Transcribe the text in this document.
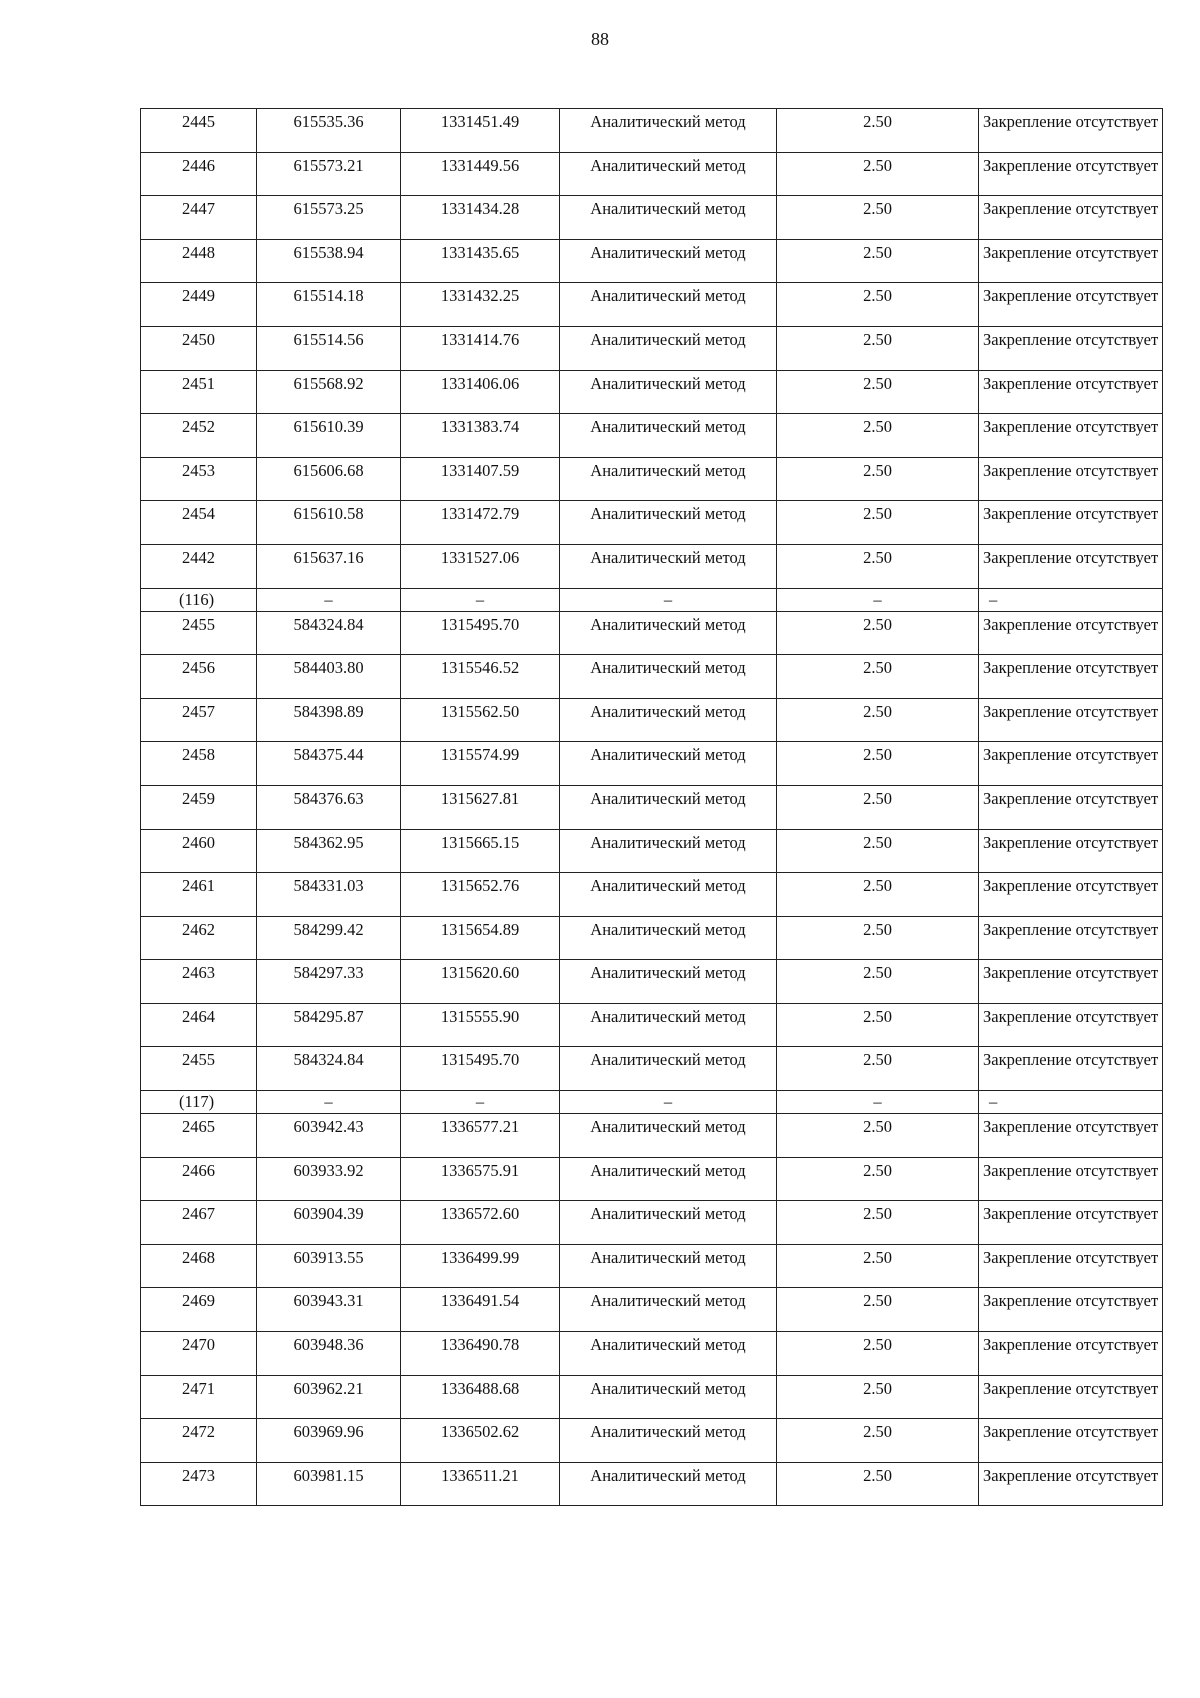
88
2445	615535.36	1331451.49	Аналитический метод	2.50	Закрепление отсутствует
2446	615573.21	1331449.56	Аналитический метод	2.50	Закрепление отсутствует
2447	615573.25	1331434.28	Аналитический метод	2.50	Закрепление отсутствует
2448	615538.94	1331435.65	Аналитический метод	2.50	Закрепление отсутствует
2449	615514.18	1331432.25	Аналитический метод	2.50	Закрепление отсутствует
2450	615514.56	1331414.76	Аналитический метод	2.50	Закрепление отсутствует
2451	615568.92	1331406.06	Аналитический метод	2.50	Закрепление отсутствует
2452	615610.39	1331383.74	Аналитический метод	2.50	Закрепление отсутствует
2453	615606.68	1331407.59	Аналитический метод	2.50	Закрепление отсутствует
2454	615610.58	1331472.79	Аналитический метод	2.50	Закрепление отсутствует
2442	615637.16	1331527.06	Аналитический метод	2.50	Закрепление отсутствует
(116)	–	–	–	–	–
2455	584324.84	1315495.70	Аналитический метод	2.50	Закрепление отсутствует
2456	584403.80	1315546.52	Аналитический метод	2.50	Закрепление отсутствует
2457	584398.89	1315562.50	Аналитический метод	2.50	Закрепление отсутствует
2458	584375.44	1315574.99	Аналитический метод	2.50	Закрепление отсутствует
2459	584376.63	1315627.81	Аналитический метод	2.50	Закрепление отсутствует
2460	584362.95	1315665.15	Аналитический метод	2.50	Закрепление отсутствует
2461	584331.03	1315652.76	Аналитический метод	2.50	Закрепление отсутствует
2462	584299.42	1315654.89	Аналитический метод	2.50	Закрепление отсутствует
2463	584297.33	1315620.60	Аналитический метод	2.50	Закрепление отсутствует
2464	584295.87	1315555.90	Аналитический метод	2.50	Закрепление отсутствует
2455	584324.84	1315495.70	Аналитический метод	2.50	Закрепление отсутствует
(117)	–	–	–	–	–
2465	603942.43	1336577.21	Аналитический метод	2.50	Закрепление отсутствует
2466	603933.92	1336575.91	Аналитический метод	2.50	Закрепление отсутствует
2467	603904.39	1336572.60	Аналитический метод	2.50	Закрепление отсутствует
2468	603913.55	1336499.99	Аналитический метод	2.50	Закрепление отсутствует
2469	603943.31	1336491.54	Аналитический метод	2.50	Закрепление отсутствует
2470	603948.36	1336490.78	Аналитический метод	2.50	Закрепление отсутствует
2471	603962.21	1336488.68	Аналитический метод	2.50	Закрепление отсутствует
2472	603969.96	1336502.62	Аналитический метод	2.50	Закрепление отсутствует
2473	603981.15	1336511.21	Аналитический метод	2.50	Закрепление отсутствует
